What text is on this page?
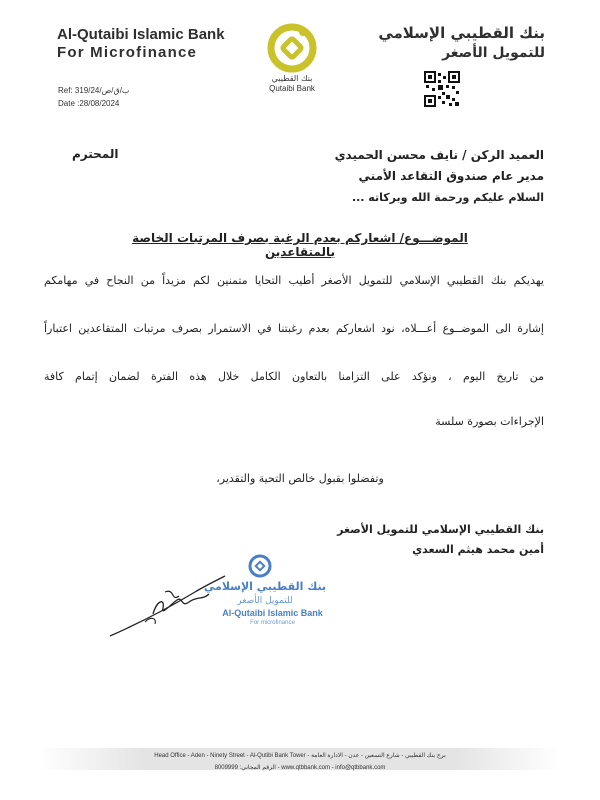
Al-Qutaibi Islamic Bank
For Microfinance
بنك القطيبي
Qutaibi Bank
بنك القطيبي الإسلامي
للتمويل الأصغر
Ref: 319/24/ب/ق/ص
Date :28/08/2024
المحترم	العميد الركن / نايف محسن الحميدي
مدير عام صندوق التقاعد الأمني
السلام عليكم ورحمة الله وبركاته ...
الموضـــوع/ اشعاركم بعدم الرغبة بصرف المرتبات الخاصة بالمتقاعدين
يهديكم بنك القطيبي الإسلامي للتمويل الأصغر أطيب التحايا متمنين لكم مزيداً من النجاح في مهامكم
إشارة الى الموضــوع أعـــلاه، نود اشعاركم بعدم رغبتنا في الاستمرار بصرف مرتبات المتقاعدين اعتباراً
من تاريخ اليوم ، ونؤكد على التزامنا بالتعاون الكامل خلال هذه الفترة لضمان إتمام كافة
الإجراءات بصورة سلسة
وتفضلوا بقبول خالص التحية والتقدير،
بنك القطيبي الإسلامي للتمويل الأصغر
أمين محمد هيثم السعدي
بنك القطيبي الإسلامي
للتمويل الأصغر
Al-Qutaibi Islamic Bank
For microfinance
Head Office - Aden - Ninety Street - Al-Qutibi Bank Tower - برج بنك القطيبي - شارع التسعين - عدن - الادارة العامة
8009999 :الرقم المجاني - www.qtbbank.com - info@qtbbank.com
